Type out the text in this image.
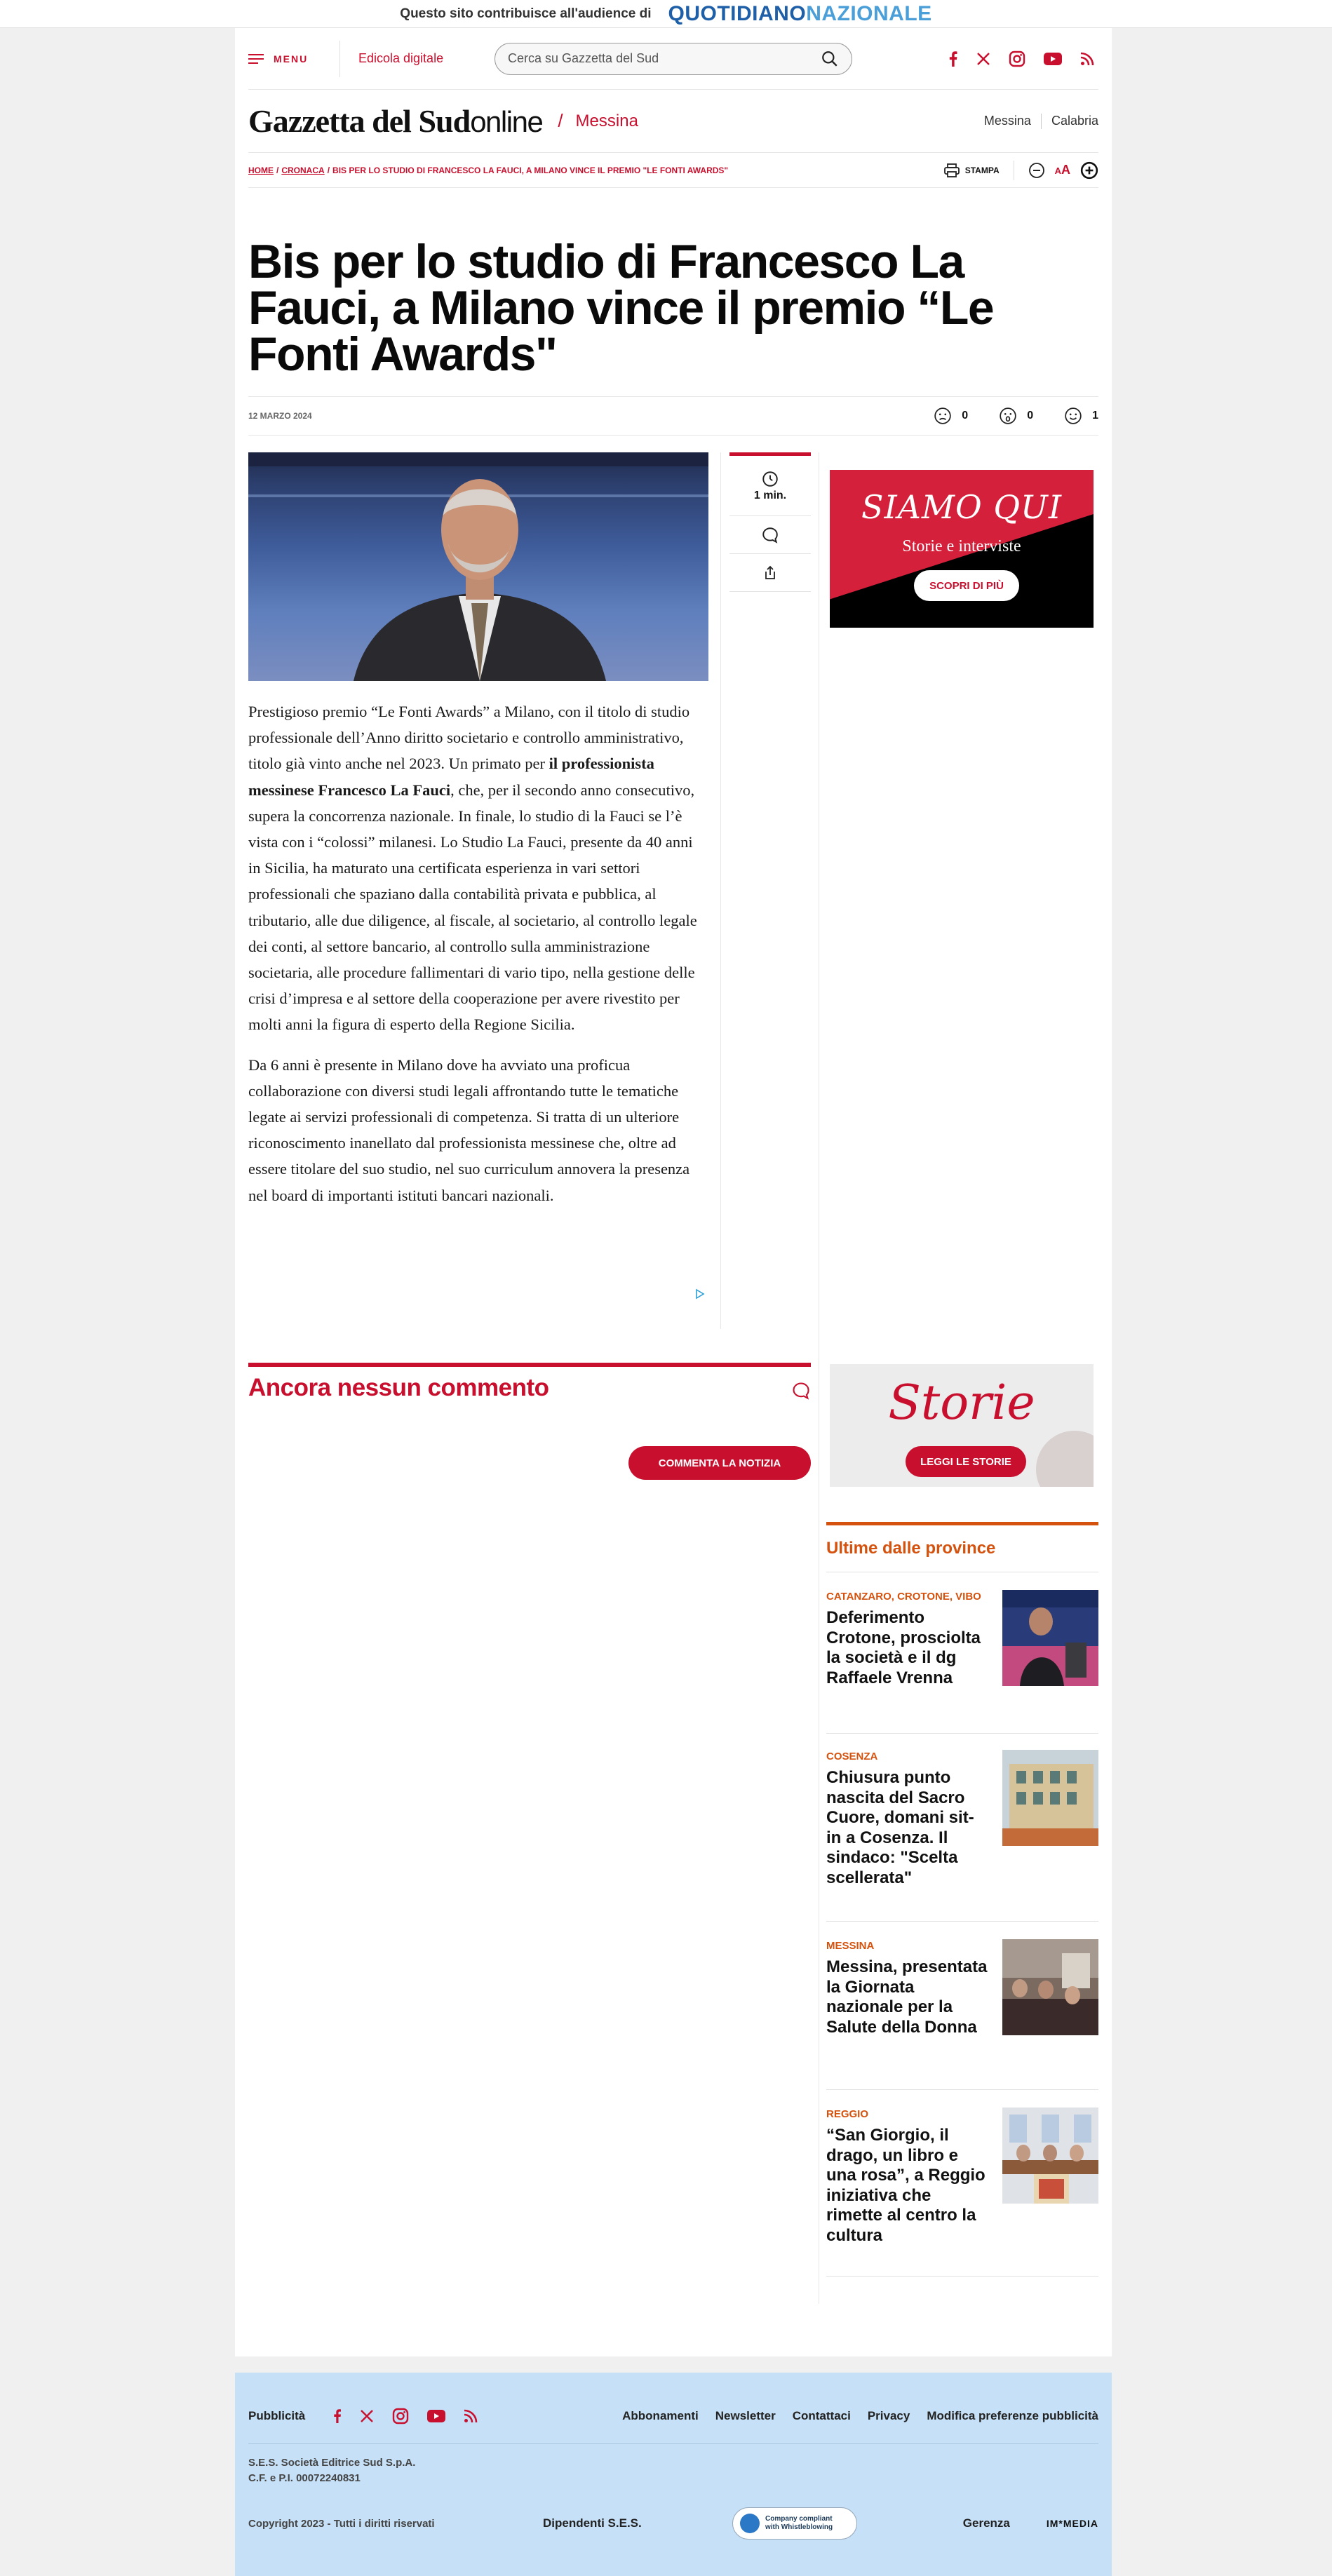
Questo sito contribuisce all'audience di QUOTIDIANONAZIONALE
MENU	Edicola digitale
Cerca su Gazzetta del Sud
Gazzetta del Sudonline / Messina	Messina Calabria
HOME / CRONACA / BIS PER LO STUDIO DI FRANCESCO LA FAUCI, A MILANO VINCE IL PREMIO "LE FONTI AWARDS"	STAMPA	AA
Bis per lo studio di Francesco La Fauci, a Milano vince il premio “Le Fonti Awards"
12 MARZO 2024	0	0	1

Prestigioso premio “Le Fonti Awards” a Milano, con il titolo di studio professionale dell’Anno diritto societario e controllo amministrativo, titolo già vinto anche nel 2023. Un primato per il professionista messinese Francesco La Fauci, che, per il secondo anno consecutivo, supera la concorrenza nazionale. In finale, lo studio di la Fauci se l’è vista con i “colossi” milanesi. Lo Studio La Fauci, presente da 40 anni in Sicilia, ha maturato una certificata esperienza in vari settori professionali che spaziano dalla contabilità privata e pubblica, al tributario, alle due diligence, al fiscale, al societario, al controllo legale dei conti, al settore bancario, al controllo sulla amministrazione societaria, alle procedure fallimentari di vario tipo, nella gestione delle crisi d’impresa e al settore della cooperazione per avere rivestito per molti anni la figura di esperto della Regione Sicilia.

Da 6 anni è presente in Milano dove ha avviato una proficua collaborazione con diversi studi legali affrontando tutte le tematiche legate ai servizi professionali di competenza. Si tratta di un ulteriore riconoscimento inanellato dal professionista messinese che, oltre ad essere titolare del suo studio, nel suo curriculum annovera la presenza nel board di importanti istituti bancari nazionali.

1 min.	SIAMO QUI
Storie e interviste
SCOPRI DI PIÙ
Ancora nessun commento
COMMENTA LA NOTIZIA
Storie
LEGGI LE STORIE
Ultime dalle province
CATANZARO, CROTONE, VIBO
Deferimento Crotone, prosciolta la società e il dg Raffaele Vrenna
COSENZA
Chiusura punto nascita del Sacro Cuore, domani sit-in a Cosenza. Il sindaco: "Scelta scellerata"
MESSINA
Messina, presentata la Giornata nazionale per la Salute della Donna
REGGIO
“San Giorgio, il drago, un libro e una rosa”, a Reggio iniziativa che rimette al centro la cultura
Pubblicità	Abbonamenti Newsletter Contattaci Privacy Modifica preferenze pubblicità
S.E.S. Società Editrice Sud S.p.A.
C.F. e P.I. 00072240831
Copyright 2023 - Tutti i diritti riservati	Dipendenti S.E.S.	Company compliant
with Whistleblowing	Gerenza	IM*MEDIA
